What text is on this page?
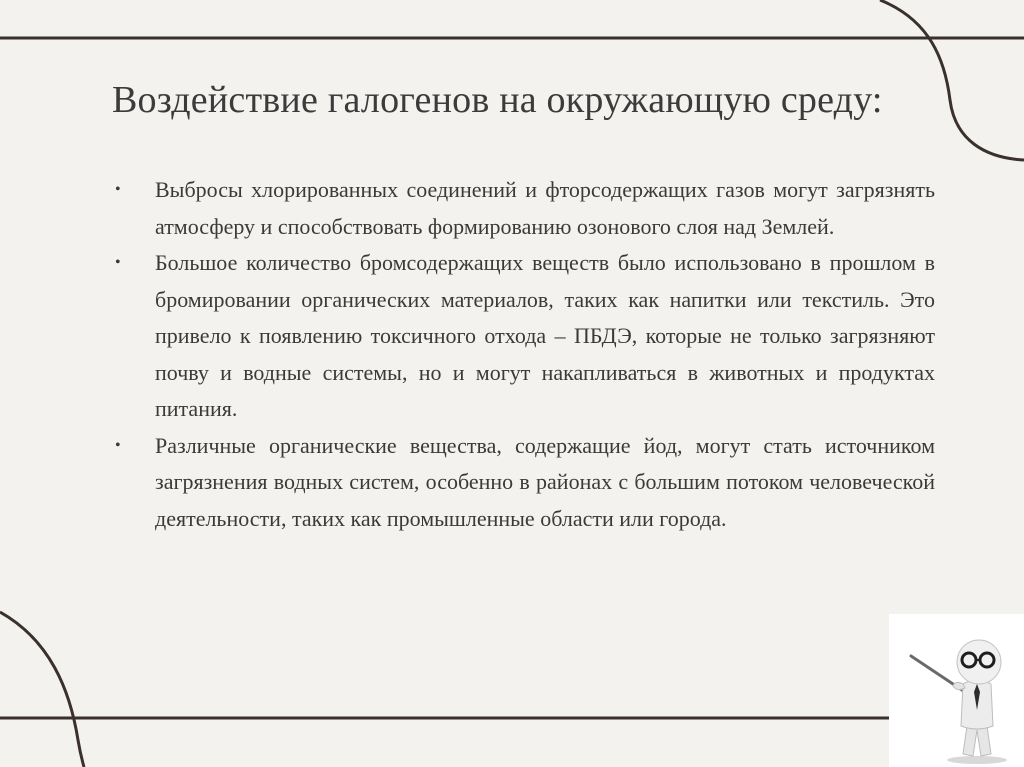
Воздействие галогенов на окружающую среду:
• Выбросы хлорированных соединений и фторсодержащих газов могут загрязнять атмосферу и способствовать формированию озонового слоя над Землей.
• Большое количество бромсодержащих веществ было использовано в прошлом в бромировании органических материалов, таких как напитки или текстиль. Это привело к появлению токсичного отхода – ПБДЭ, которые не только загрязняют почву и водные системы, но и могут накапливаться в животных и продуктах питания.
• Различные органические вещества, содержащие йод, могут стать источником загрязнения водных систем, особенно в районах с большим потоком человеческой деятельности, таких как промышленные области или города.
